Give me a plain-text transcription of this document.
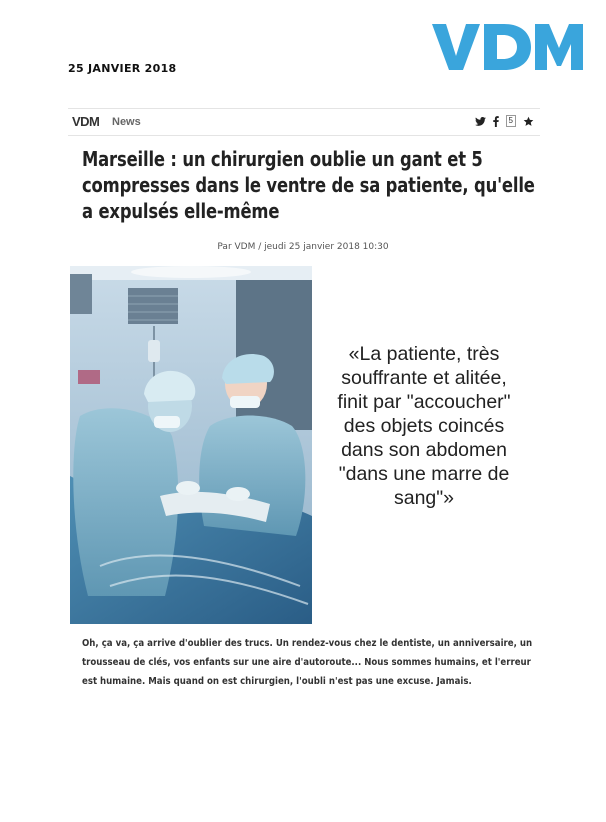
25 JANVIER 2018
VDM News	5
Marseille : un chirurgien oublie un gant et 5 compresses dans le ventre de sa patiente, qu'elle a expulsés elle-même
Par VDM / jeudi 25 janvier 2018 10:30

«La patiente, très souffrante et alitée, finit par "accoucher" des objets coincés dans son abdomen "dans une marre de sang"»

Oh, ça va, ça arrive d'oublier des trucs. Un rendez-vous chez le dentiste, un anniversaire, un trousseau de clés, vos enfants sur une aire d'autoroute... Nous sommes humains, et l'erreur est humaine. Mais quand on est chirurgien, l'oubli n'est pas une excuse. Jamais.
